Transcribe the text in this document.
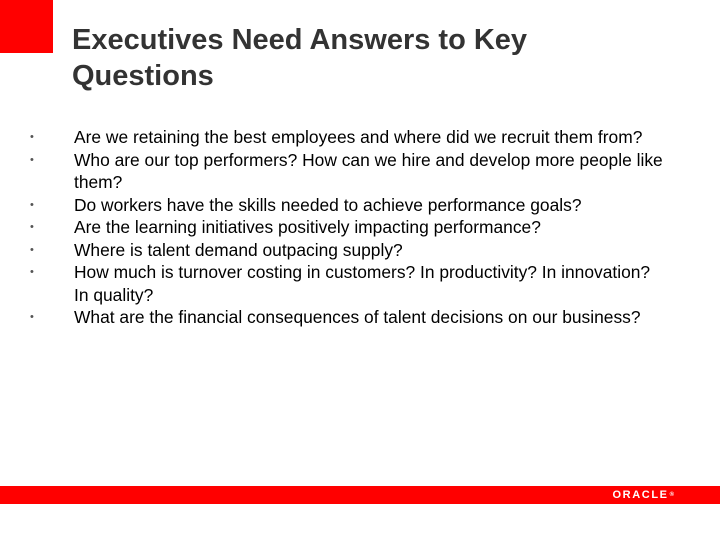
Executives Need Answers to Key Questions
• Are we retaining the best employees and where did we recruit them from?
• Who are our top performers? How can we hire and develop more people like them?
• Do workers have the skills needed to achieve performance goals?
• Are the learning initiatives positively impacting performance?
• Where is talent demand outpacing supply?
• How much is turnover costing in customers? In productivity? In innovation? In quality?
• What are the financial consequences of talent decisions on our business?
ORACLE®
